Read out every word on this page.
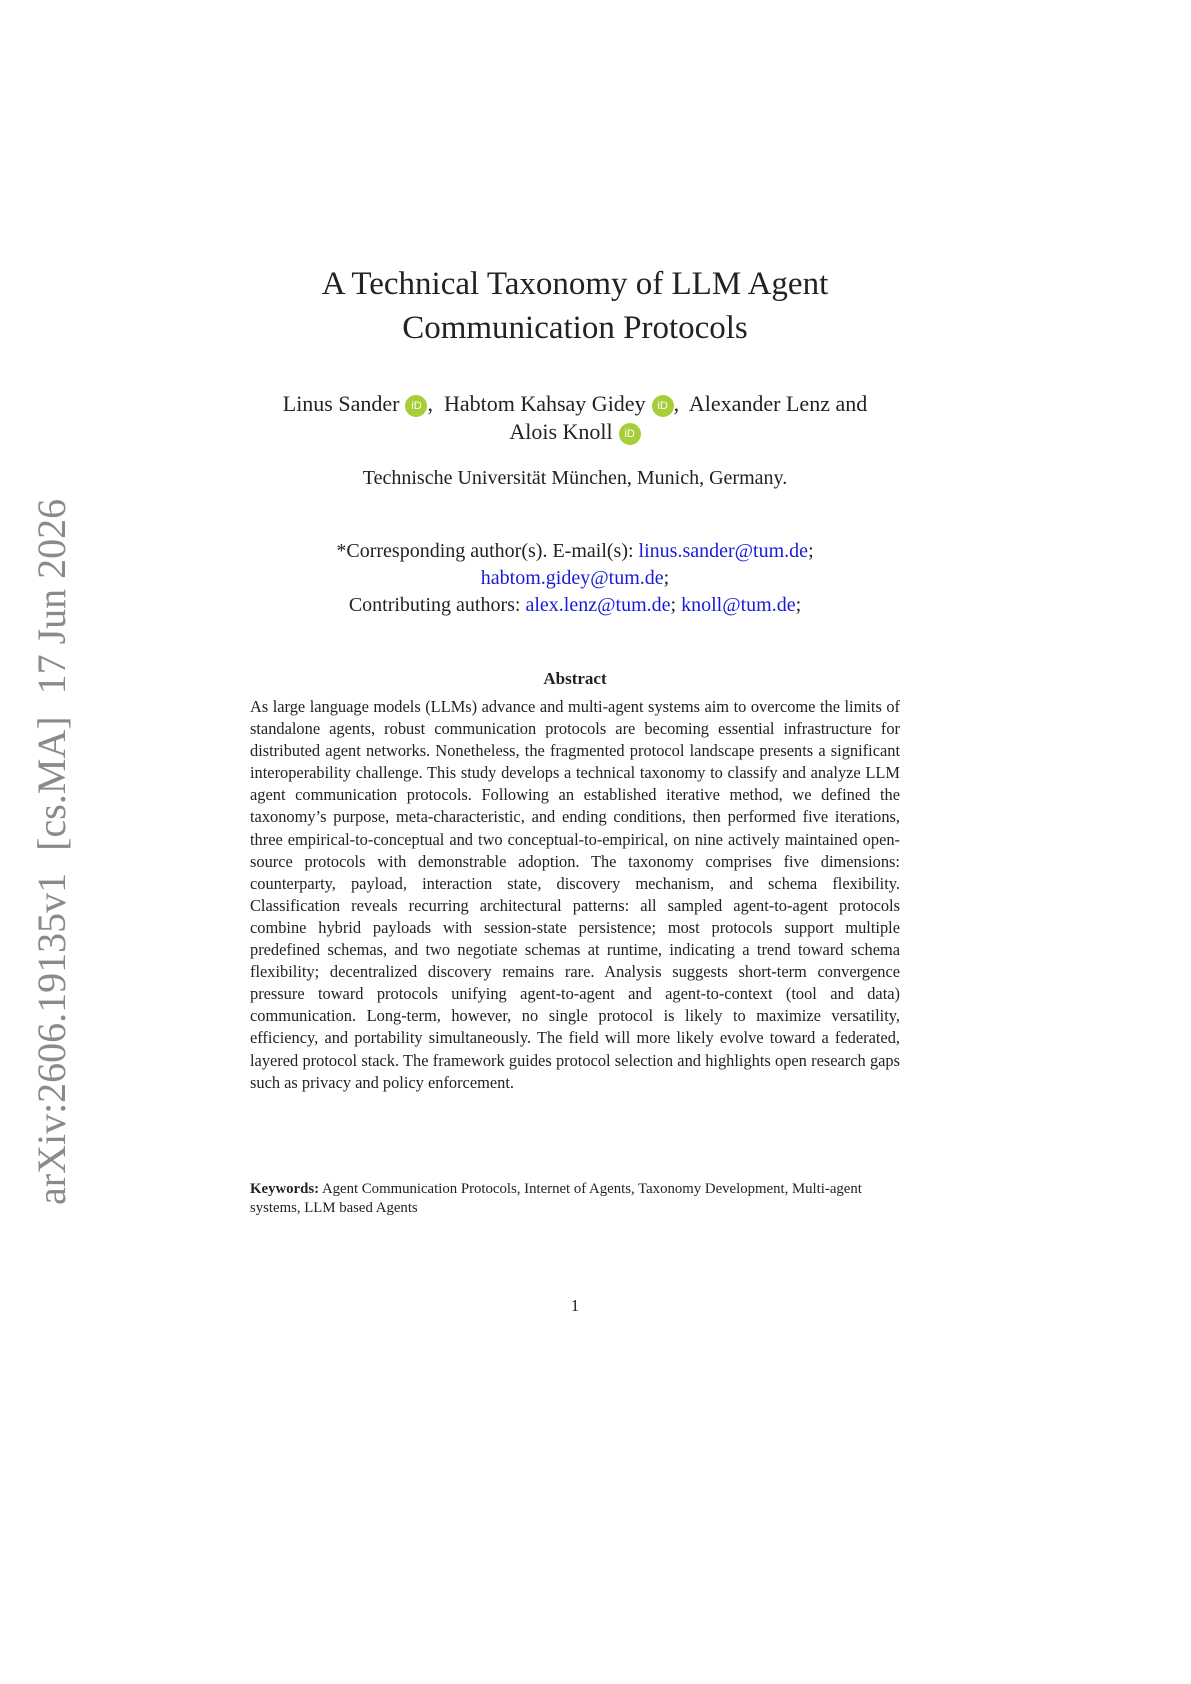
arXiv:2606.19135v1[cs.MA]17 Jun 2026
A Technical Taxonomy of LLM Agent
Communication Protocols
Linus Sander iD , Habtom Kahsay Gidey iD , Alexander Lenz and
Alois Knoll iD
Technische Universität München, Munich, Germany.
*Corresponding author(s). E-mail(s): linus.sander@tum.de;
habtom.gidey@tum.de;
Contributing authors: alex.lenz@tum.de; knoll@tum.de;
Abstract
As large language models (LLMs) advance and multi-agent systems aim to overcome the limits of standalone agents, robust communication protocols are becoming essential infrastructure for distributed agent networks. Nonetheless, the fragmented protocol landscape presents a significant interoperability challenge. This study develops a technical taxonomy to classify and analyze LLM agent communication protocols. Following an established iterative method, we defined the taxonomy’s purpose, meta-characteristic, and ending conditions, then performed five iterations, three empirical-to-conceptual and two conceptual-to-empirical, on nine actively maintained open-source protocols with demonstrable adoption. The taxonomy comprises five dimensions: counterparty, payload, interaction state, discovery mechanism, and schema flexibility. Classification reveals recurring architectural patterns: all sampled agent-to-agent protocols combine hybrid payloads with session-state persistence; most protocols support multiple predefined schemas, and two negotiate schemas at runtime, indicating a trend toward schema flexibility; decentralized discovery remains rare. Analysis suggests short-term convergence pressure toward protocols unifying agent-to-agent and agent-to-context (tool and data) communication. Long-term, however, no single protocol is likely to maximize versatility, efficiency, and portability simultaneously. The field will more likely evolve toward a federated, layered protocol stack. The framework guides protocol selection and highlights open research gaps such as privacy and policy enforcement.
Keywords: Agent Communication Protocols, Internet of Agents, Taxonomy Development, Multi-agent systems, LLM based Agents
1
